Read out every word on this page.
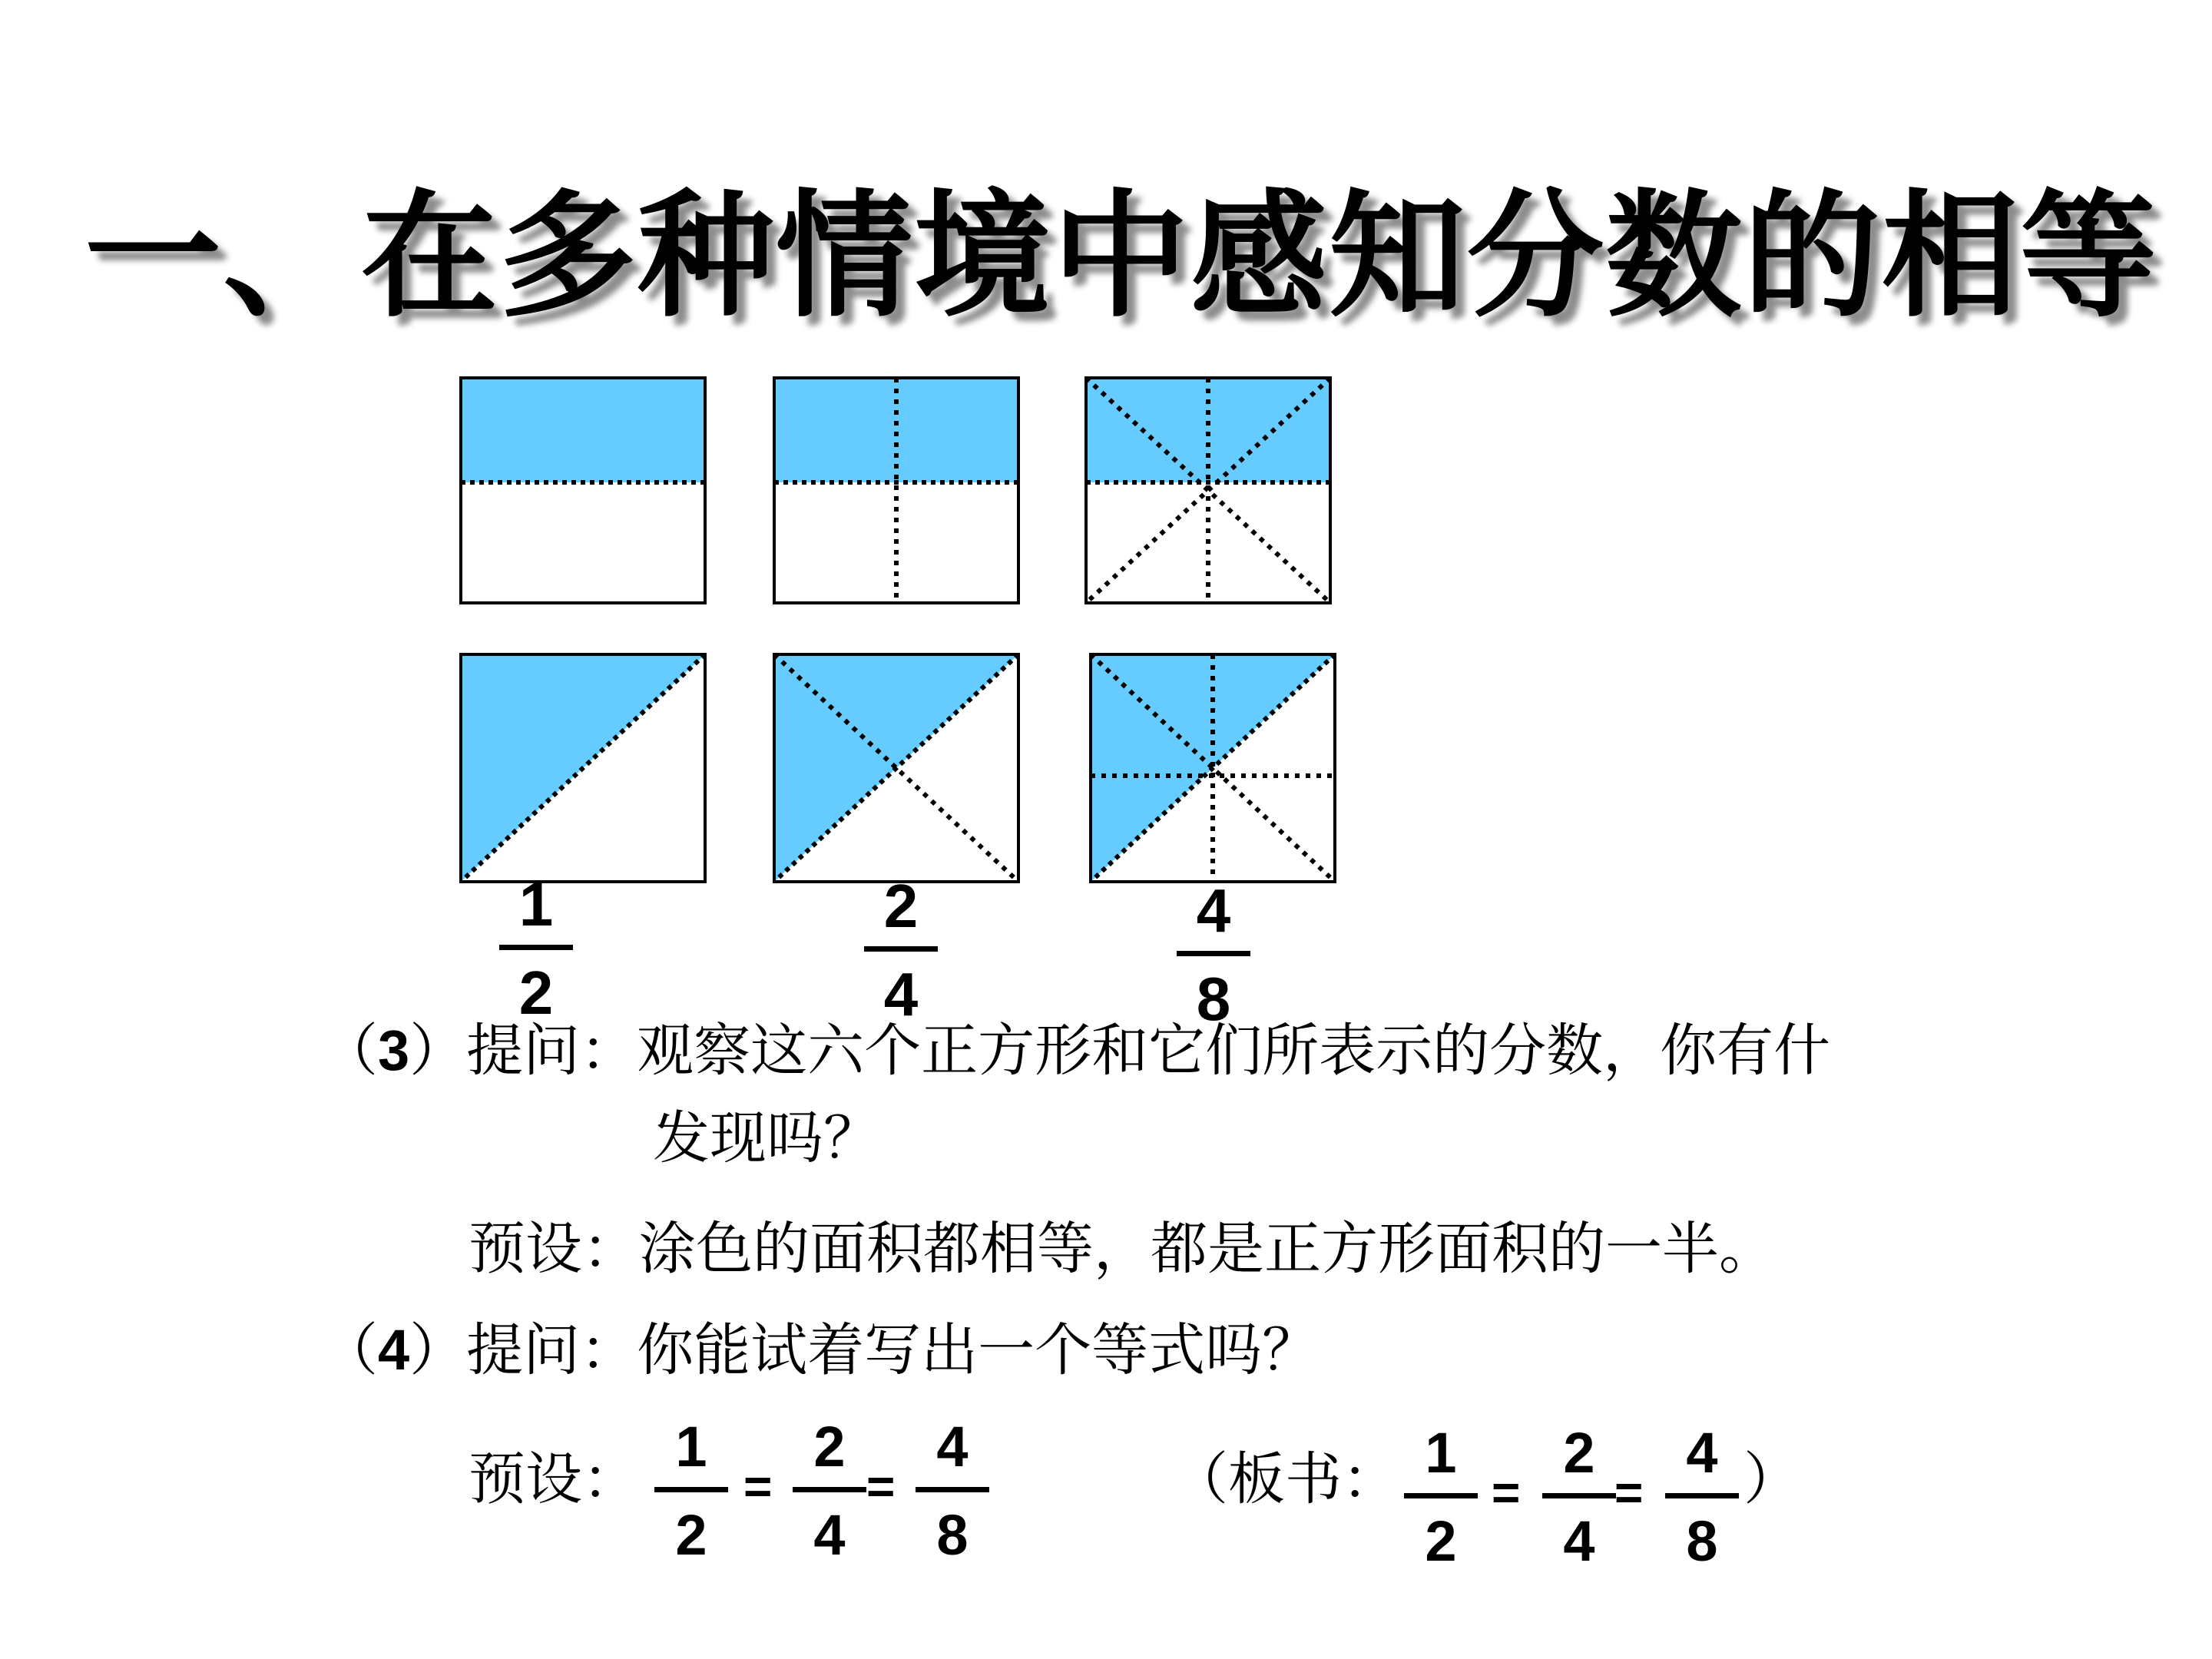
一、在多种情境中感知分数的相等
1
2
2
4
4
8
（3）提问：观察这六个正方形和它们所表示的分数，你有什
发现吗？
预设：涂色的面积都相等，都是正方形面积的一半。
（4）提问：你能试着写出一个等式吗？
预设： 1
2
=
2
4
=
4
8
（板书： 1
2
=
2
4
=
4
8
）
